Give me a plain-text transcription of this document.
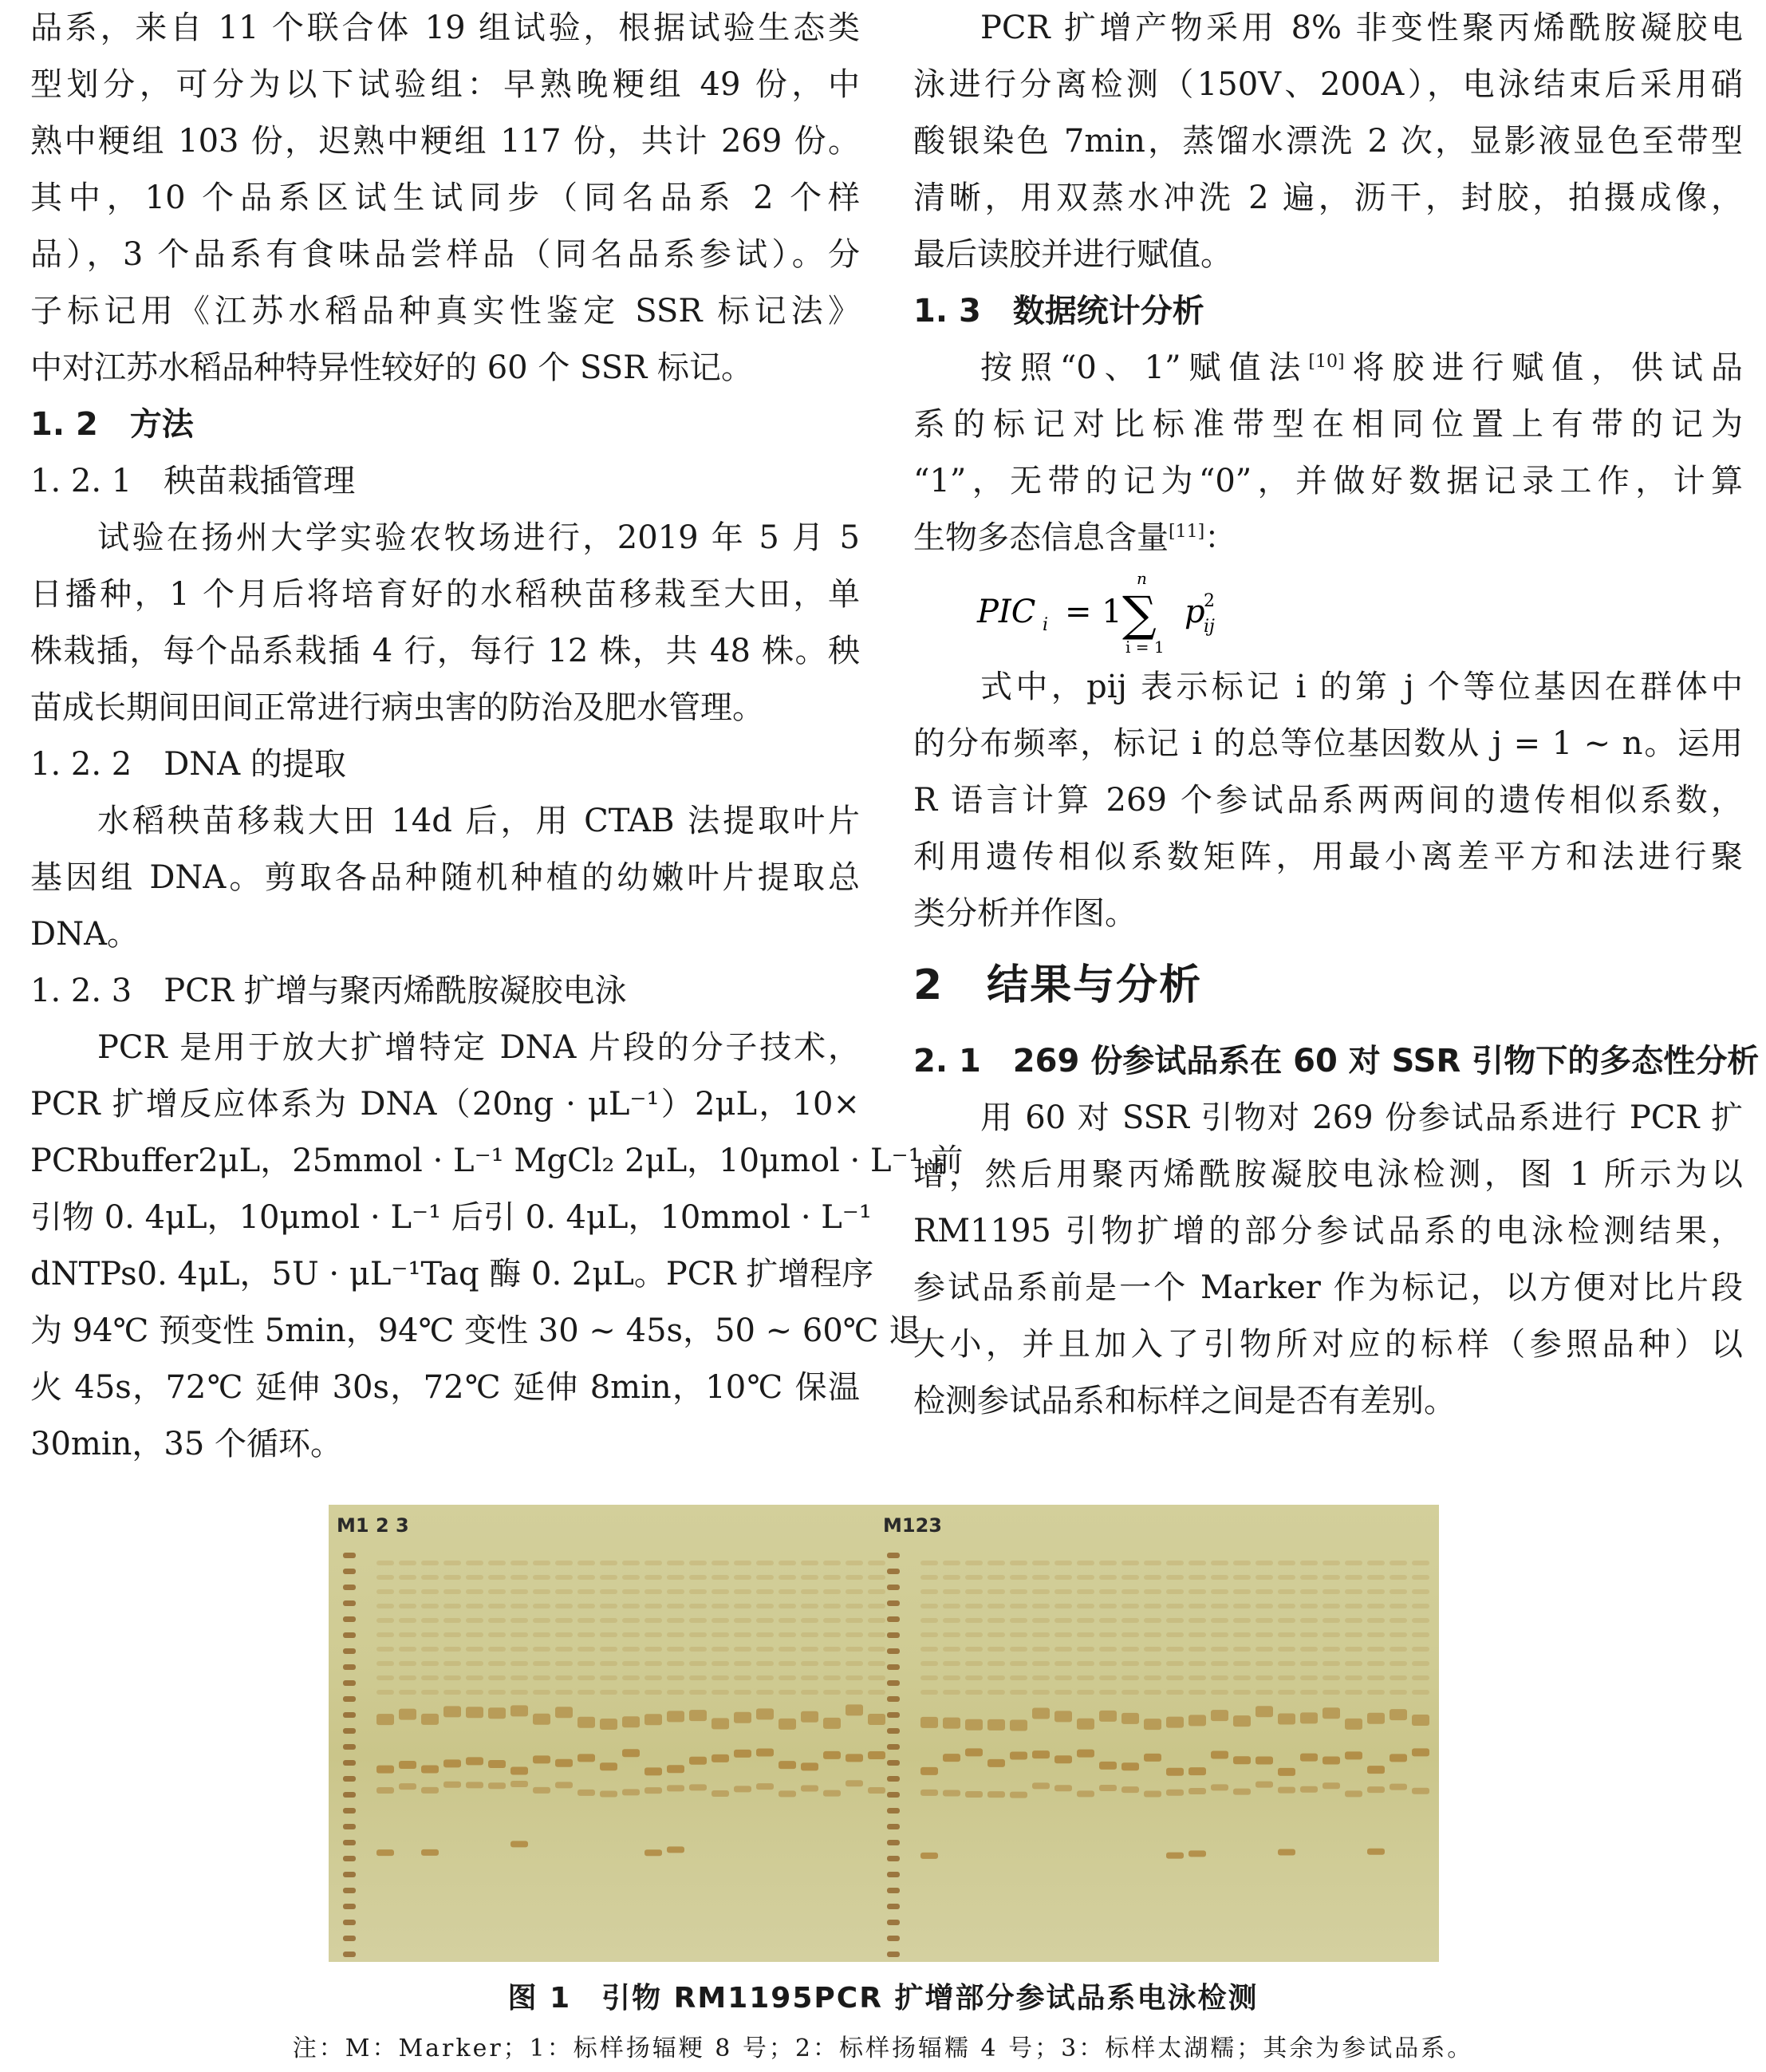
品系，来自 11 个联合体 19 组试验，根据试验生态类
型划分，可分为以下试验组：早熟晚粳组 49 份，中
熟中粳组 103 份，迟熟中粳组 117 份，共计 269 份。
其中，10 个品系区试生试同步（同名品系 2 个样
品），3 个品系有食味品尝样品（同名品系参试）。分
子标记用《江苏水稻品种真实性鉴定 SSR 标记法》
中对江苏水稻品种特异性较好的 60 个 SSR 标记。
1. 2　方法
1. 2. 1　秧苗栽插管理
试验在扬州大学实验农牧场进行，2019 年 5 月 5
日播种，1 个月后将培育好的水稻秧苗移栽至大田，单
株栽插，每个品系栽插 4 行，每行 12 株，共 48 株。秧
苗成长期间田间正常进行病虫害的防治及肥水管理。
1. 2. 2　DNA 的提取
水稻秧苗移栽大田 14d 后，用 CTAB 法提取叶片
基因组 DNA。剪取各品种随机种植的幼嫩叶片提取总
DNA。
1. 2. 3　PCR 扩增与聚丙烯酰胺凝胶电泳
PCR 是用于放大扩增特定 DNA 片段的分子技术，
PCR 扩增反应体系为 DNA（20ng · μL⁻¹）2μL，10×
PCRbuffer2μL，25mmol · L⁻¹ MgCl₂ 2μL，10μmol · L⁻¹ 前
引物 0. 4μL，10μmol · L⁻¹ 后引 0. 4μL，10mmol · L⁻¹
dNTPs0. 4μL，5U · μL⁻¹Taq 酶 0. 2μL。PCR 扩增程序
为 94℃ 预变性 5min，94℃ 变性 30 ~ 45s，50 ~ 60℃ 退
火 45s，72℃ 延伸 30s，72℃ 延伸 8min，10℃ 保温
30min，35 个循环。
PCR 扩增产物采用 8% 非变性聚丙烯酰胺凝胶电
泳进行分离检测（150V、200A），电泳结束后采用硝
酸银染色 7min，蒸馏水漂洗 2 次，显影液显色至带型
清晰，用双蒸水冲洗 2 遍，沥干，封胶，拍摄成像，
最后读胶并进行赋值。
1. 3　数据统计分析
按照“0、1”赋值法[10]将胶进行赋值，供试品
系的标记对比标准带型在相同位置上有带的记为
“1”，无带的记为“0”，并做好数据记录工作，计算
生物多态信息含量[11]：
PIC i = 1 ∑
n
i = 1
p
2
ij
式中，pij 表示标记 i 的第 j 个等位基因在群体中
的分布频率，标记 i 的总等位基因数从 j = 1 ~ n。运用
R 语言计算 269 个参试品系两两间的遗传相似系数，
利用遗传相似系数矩阵，用最小离差平方和法进行聚
类分析并作图。
2　结果与分析
2. 1　269 份参试品系在 60 对 SSR 引物下的多态性分析
用 60 对 SSR 引物对 269 份参试品系进行 PCR 扩
增，然后用聚丙烯酰胺凝胶电泳检测，图 1 所示为以
RM1195 引物扩增的部分参试品系的电泳检测结果，
参试品系前是一个 Marker 作为标记，以方便对比片段
大小，并且加入了引物所对应的标样（参照品种）以
检测参试品系和标样之间是否有差别。
M1 2 3	M123
图 1　引物 RM1195PCR 扩增部分参试品系电泳检测
注：M：Marker；1：标样扬辐粳 8 号；2：标样扬辐糯 4 号；3：标样太湖糯；其余为参试品系。
